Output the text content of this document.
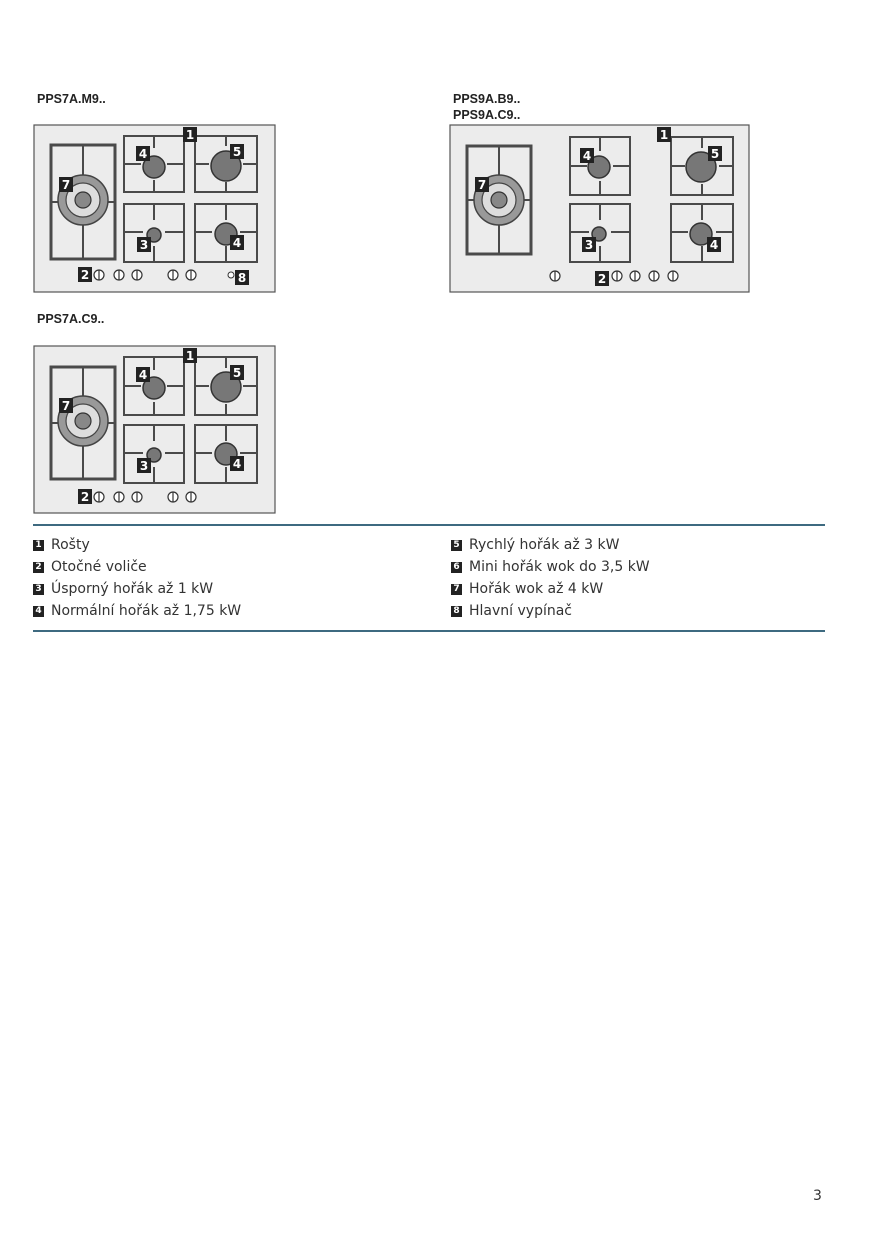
PPS7A.M9..	PPS9A.B9..
PPS9A.C9..
PPS7A.C9..
1
4	5
7
3	4
2	8
1
4	5
7
3	4
2
1
4	5
7
3	4
2
1 Rošty
2 Otočné voliče
3 Úsporný hořák až 1 kW
4 Normální hořák až 1,75 kW
5 Rychlý hořák až 3 kW
6 Mini hořák wok do 3,5 kW
7 Hořák wok až 4 kW
8 Hlavní vypínač
3
